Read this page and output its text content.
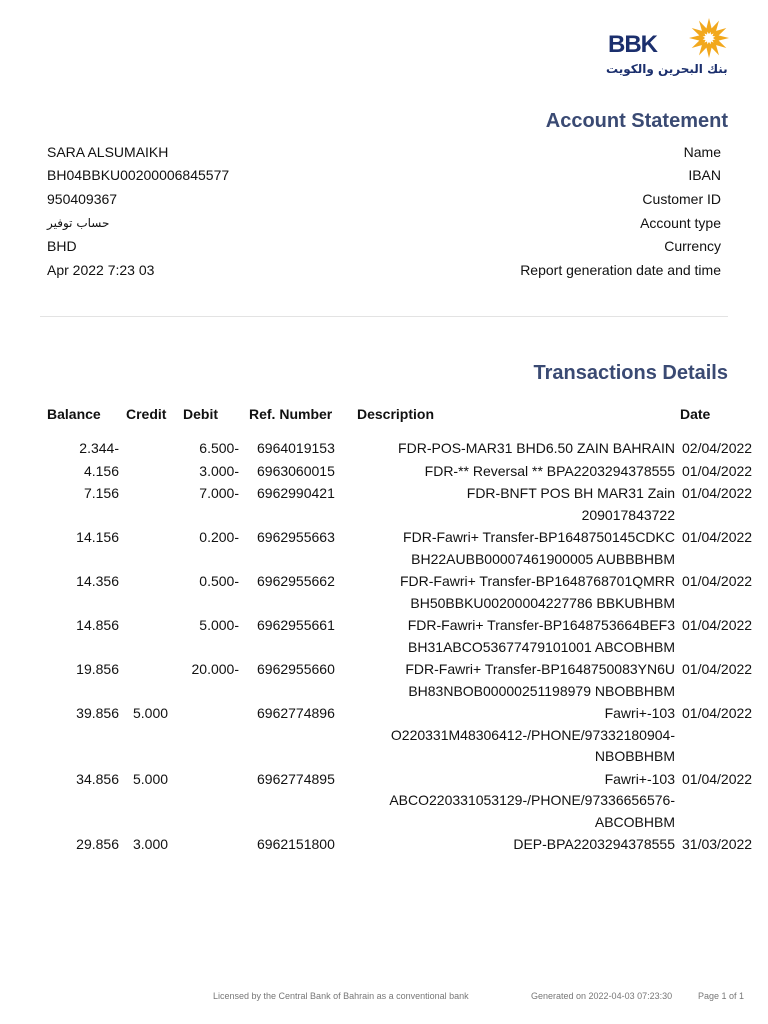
BBK
بنك البحرين والكويت
Account Statement
SARA ALSUMAIKH	Name
BH04BBKU00200006845577	IBAN
950409367	Customer ID
حساب توفير	Account type
BHD	Currency
Apr 2022 7:23 03	Report generation date and time
Transactions Details
Balance	Credit	Debit	Ref. Number	Description	Date
2.344-		6.500-	6964019153	FDR-POS-MAR31 BHD6.50 ZAIN BAHRAIN	02/04/2022
4.156		3.000-	6963060015	FDR-** Reversal ** BPA2203294378555	01/04/2022
7.156		7.000-	6962990421	FDR-BNFT POS BH MAR31 Zain
209017843722	01/04/2022
14.156		0.200-	6962955663	FDR-Fawri+ Transfer-BP1648750145CDKC
BH22AUBB00007461900005 AUBBBHBM	01/04/2022
14.356		0.500-	6962955662	FDR-Fawri+ Transfer-BP1648768701QMRR
BH50BBKU00200004227786 BBKUBHBM	01/04/2022
14.856		5.000-	6962955661	FDR-Fawri+ Transfer-BP1648753664BEF3
BH31ABCO53677479101001 ABCOBHBM	01/04/2022
19.856		20.000-	6962955660	FDR-Fawri+ Transfer-BP1648750083YN6U
BH83NBOB00000251198979 NBOBBHBM	01/04/2022
39.856	5.000		6962774896	Fawri+-103
O220331M48306412-/PHONE/97332180904-
NBOBBHBM	01/04/2022
34.856	5.000		6962774895	Fawri+-103
ABCO220331053129-/PHONE/97336656576-
ABCOBHBM	01/04/2022
29.856	3.000		6962151800	DEP-BPA2203294378555	31/03/2022
Licensed by the Central Bank of Bahrain as a conventional bank	Generated on 2022-04-03 07:23:30	Page 1 of 1
